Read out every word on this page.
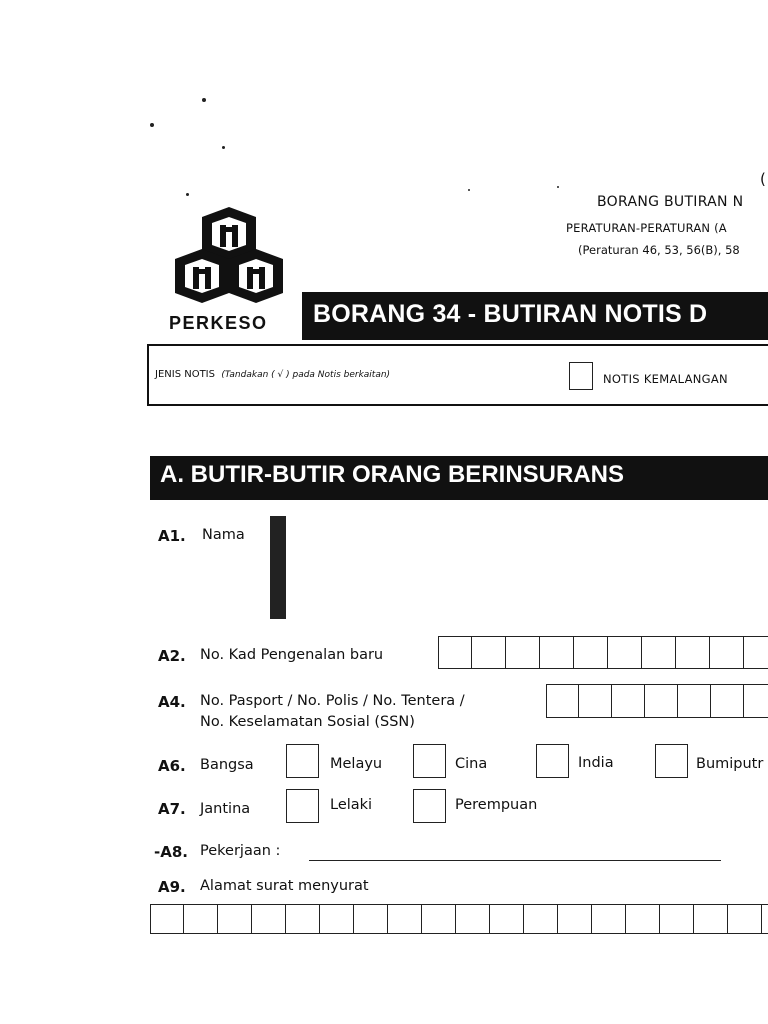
(
BORANG BUTIRAN N
PERATURAN-PERATURAN (A
(Peraturan 46, 53, 56(B), 58
PERKESO BORANG 34 - BUTIRAN NOTIS D
JENIS NOTIS (Tandakan ( √ ) pada Notis berkaitan)	NOTIS KEMALANGAN
A. BUTIR-BUTIR ORANG BERINSURANS
A1. Nama

A2. No. Kad Pengenalan baru
A4. No. Pasport / No. Polis / No. Tentera /
No. Keselamatan Sosial (SSN)
A6. Bangsa	Melayu	Cina	India	Bumiputr
A7. Jantina	Lelaki	Perempuan
-A8. Pekerjaan :
A9. Alamat surat menyurat
